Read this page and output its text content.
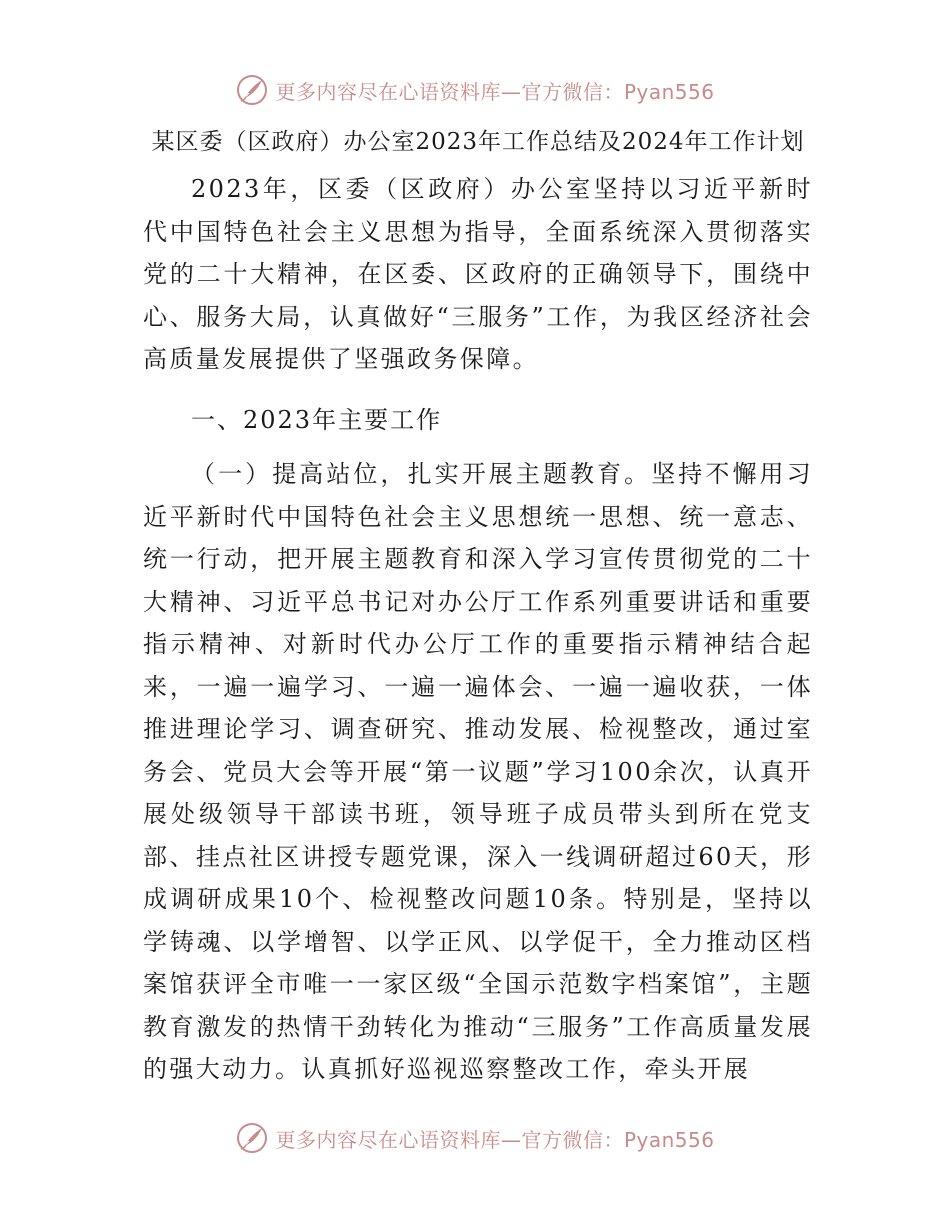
更多内容尽在心语资料库—官方微信：Pyan556
某区委（区政府）办公室2023年工作总结及2024年工作计划

2023年，区委（区政府）办公室坚持以习近平新时代中国特色社会主义思想为指导，全面系统深入贯彻落实党的二十大精神，在区委、区政府的正确领导下，围绕中心、服务大局，认真做好“三服务”工作，为我区经济社会高质量发展提供了坚强政务保障。

一、2023年主要工作

（一）提高站位，扎实开展主题教育。坚持不懈用习近平新时代中国特色社会主义思想统一思想、统一意志、统一行动，把开展主题教育和深入学习宣传贯彻党的二十大精神、习近平总书记对办公厅工作系列重要讲话和重要指示精神、对新时代办公厅工作的重要指示精神结合起来，一遍一遍学习、一遍一遍体会、一遍一遍收获，一体推进理论学习、调查研究、推动发展、检视整改，通过室务会、党员大会等开展“第一议题”学习100余次，认真开展处级领导干部读书班，领导班子成员带头到所在党支部、挂点社区讲授专题党课，深入一线调研超过60天，形成调研成果10个、检视整改问题10条。特别是，坚持以学铸魂、以学增智、以学正风、以学促干，全力推动区档案馆获评全市唯一一家区级“全国示范数字档案馆”，主题教育激发的热情干劲转化为推动“三服务”工作高质量发展的强大动力。认真抓好巡视巡察整改工作，牵头开展

更多内容尽在心语资料库—官方微信：Pyan556
